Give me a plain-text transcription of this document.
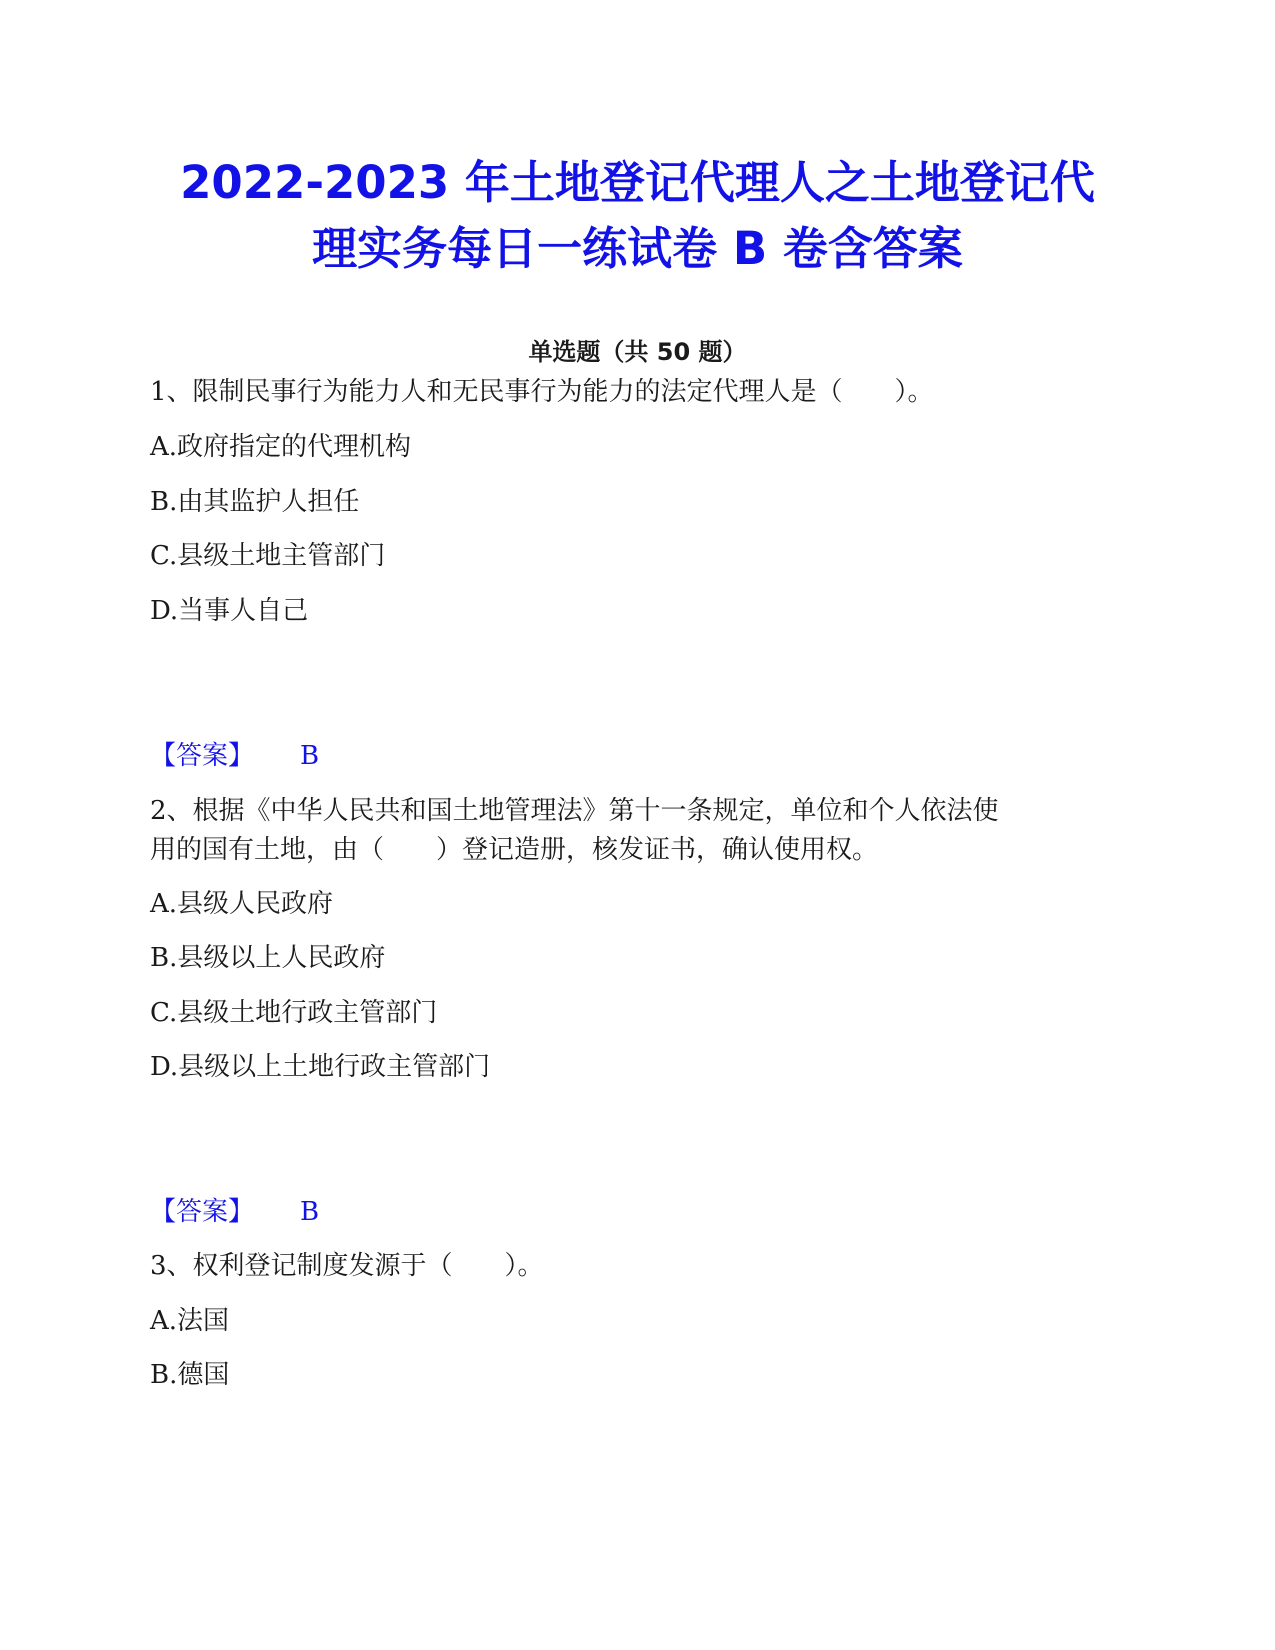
2022-2023 年土地登记代理人之土地登记代
理实务每日一练试卷 B 卷含答案
单选题（共 50 题）

1、限制民事行为能力人和无民事行为能力的法定代理人是（　　）。

A.政府指定的代理机构

B.由其监护人担任

C.县级土地主管部门

D.当事人自己

【答案】 B

2、根据《中华人民共和国土地管理法》第十一条规定，单位和个人依法使

用的国有土地，由（　　）登记造册，核发证书，确认使用权。

A.县级人民政府

B.县级以上人民政府

C.县级土地行政主管部门

D.县级以上土地行政主管部门

【答案】 B

3、权利登记制度发源于（　　）。

A.法国

B.德国
